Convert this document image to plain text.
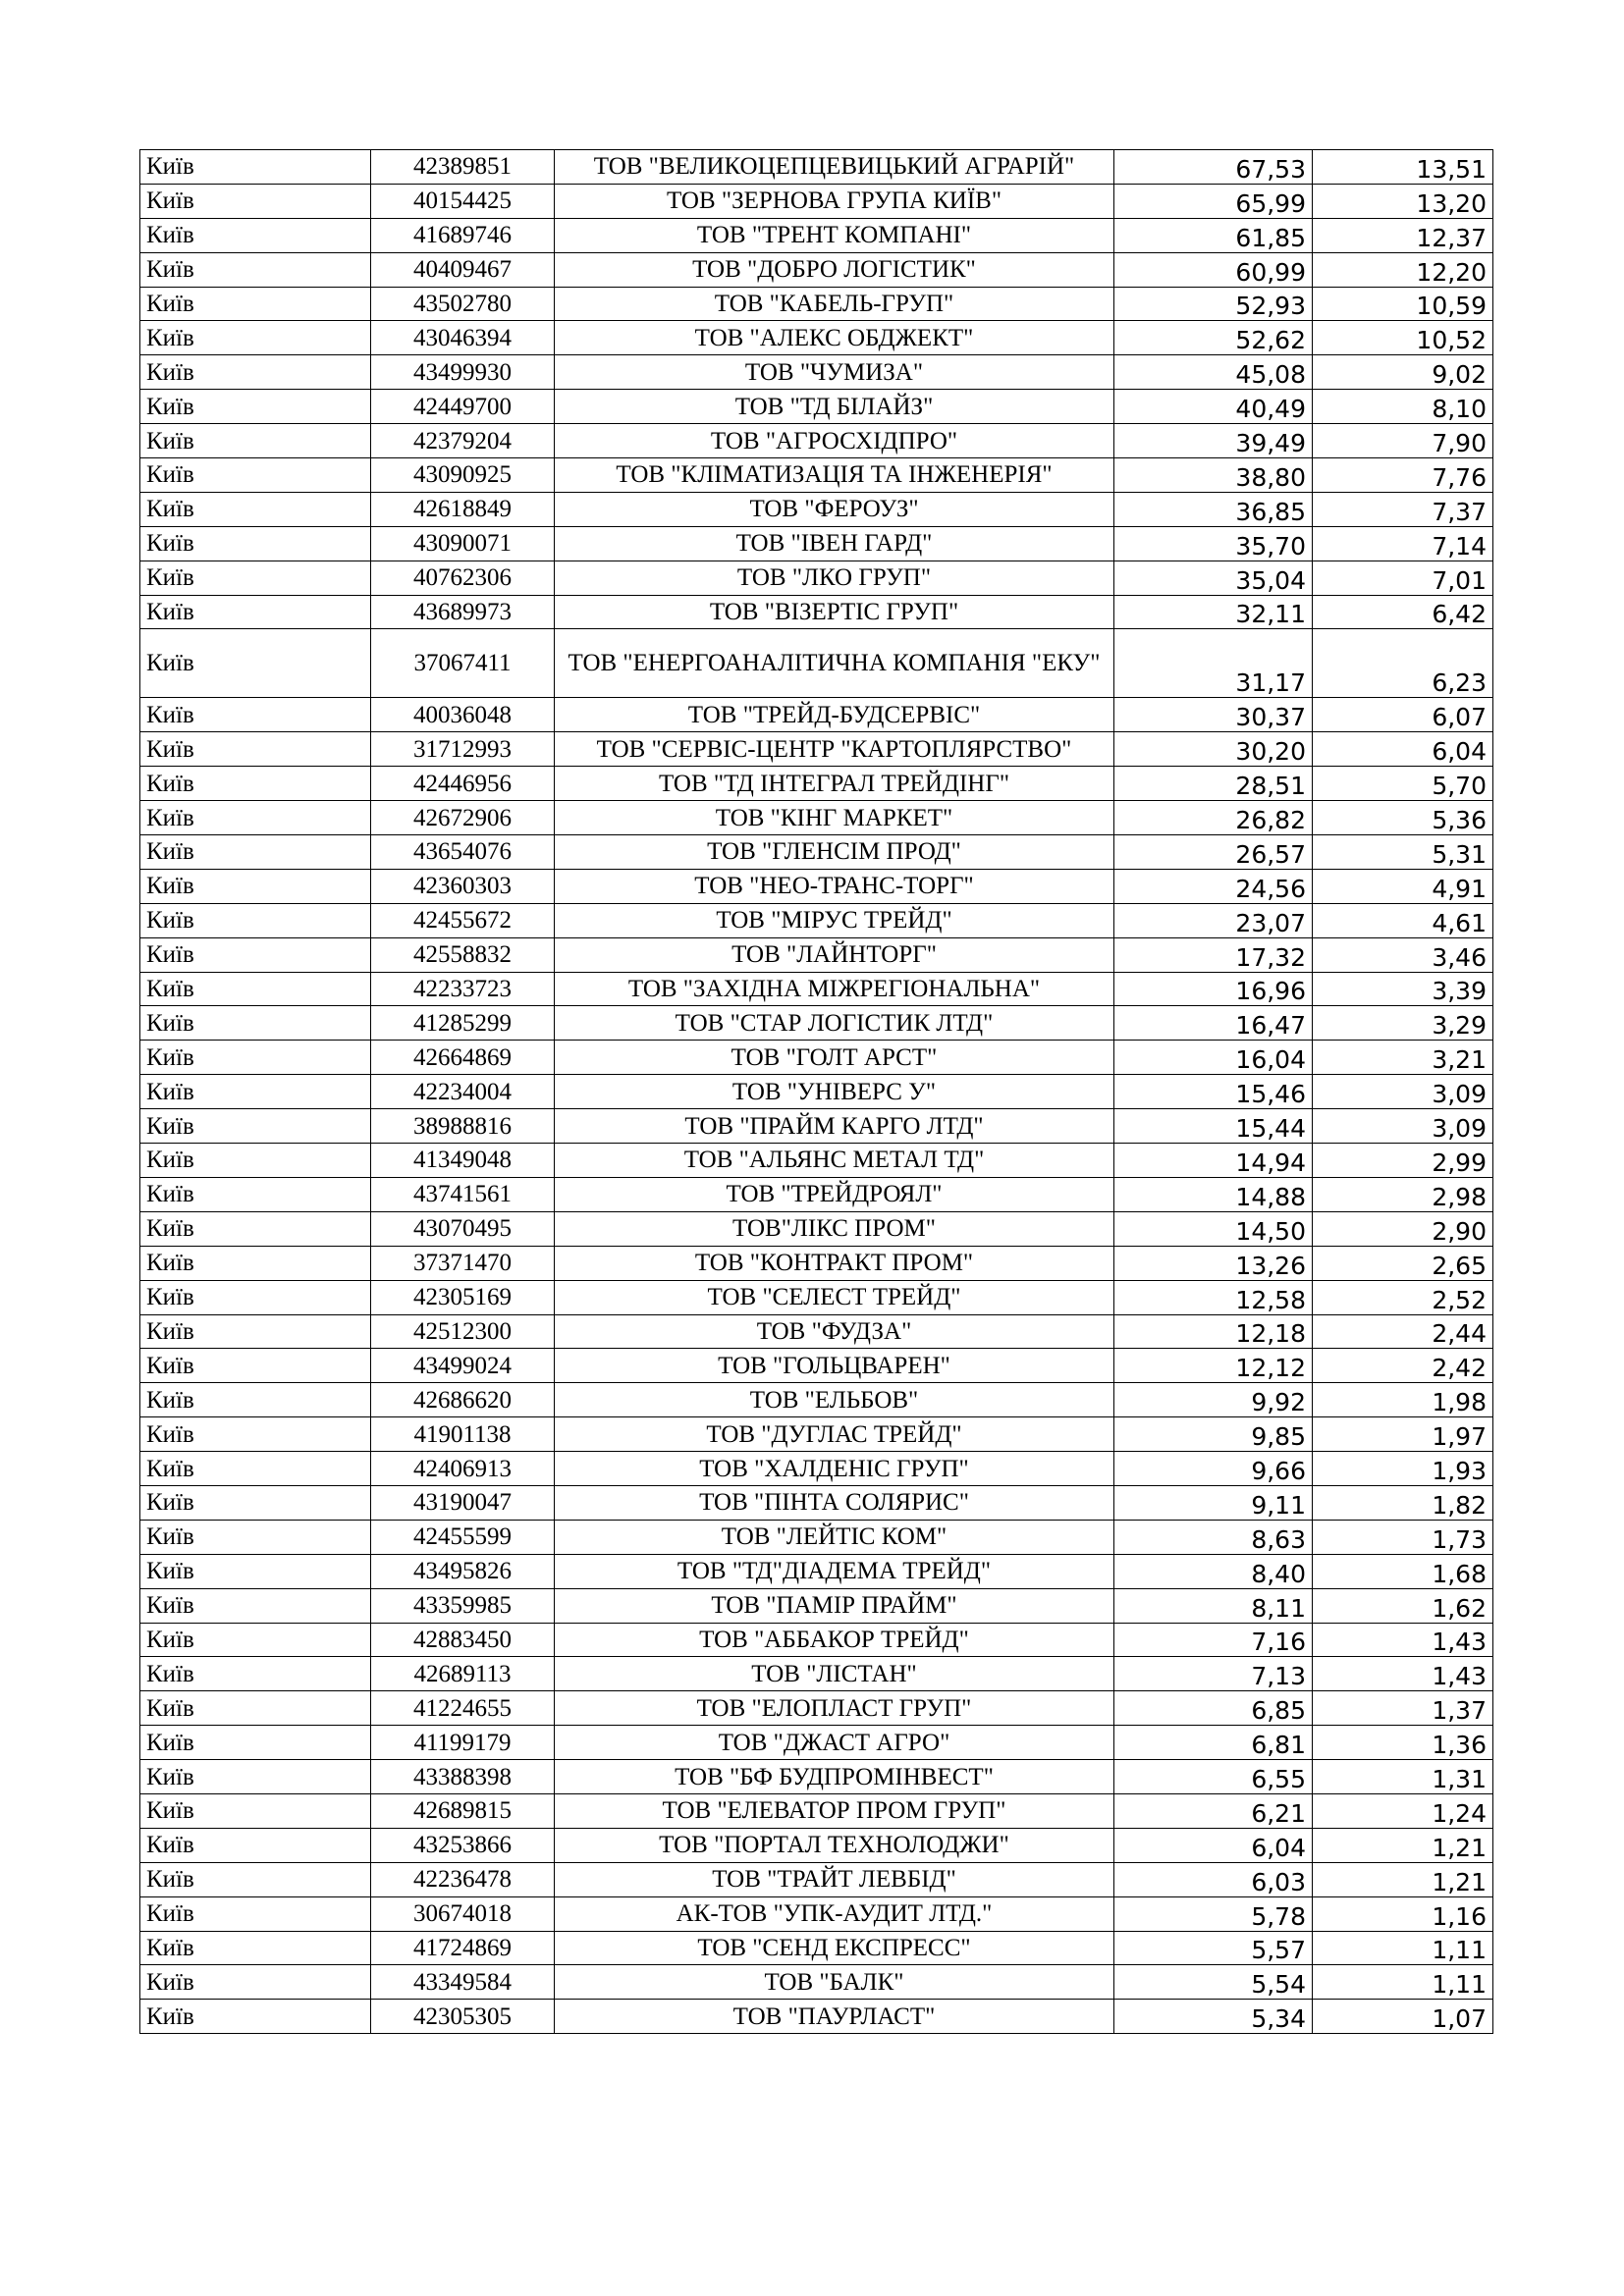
Київ	42389851	ТОВ "ВЕЛИКОЦЕПЦЕВИЦЬКИЙ АГРАРІЙ"	67,53	13,51
Київ	40154425	ТОВ "ЗЕРНОВА ГРУПА КИЇВ"	65,99	13,20
Київ	41689746	ТОВ "ТРЕНТ КОМПАНІ"	61,85	12,37
Київ	40409467	ТОВ "ДОБРО ЛОГІСТИК"	60,99	12,20
Київ	43502780	ТОВ "КАБЕЛЬ-ГРУП"	52,93	10,59
Київ	43046394	ТОВ "АЛЕКС ОБДЖЕКТ"	52,62	10,52
Київ	43499930	ТОВ "ЧУМИЗА"	45,08	9,02
Київ	42449700	ТОВ "ТД БІЛАЙЗ"	40,49	8,10
Київ	42379204	ТОВ "АГРОСХІДПРО"	39,49	7,90
Київ	43090925	ТОВ "КЛІМАТИЗАЦІЯ ТА ІНЖЕНЕРІЯ"	38,80	7,76
Київ	42618849	ТОВ "ФЕРОУЗ"	36,85	7,37
Київ	43090071	ТОВ "ІВЕН ГАРД"	35,70	7,14
Київ	40762306	ТОВ "ЛКО ГРУП"	35,04	7,01
Київ	43689973	ТОВ "ВІЗЕРТІС ГРУП"	32,11	6,42
Київ	37067411	ТОВ "ЕНЕРГОАНАЛІТИЧНА КОМПАНІЯ "ЕКУ"	31,17	6,23
Київ	40036048	ТОВ "ТРЕЙД-БУДСЕРВІС"	30,37	6,07
Київ	31712993	ТОВ "СЕРВІС-ЦЕНТР "КАРТОПЛЯРСТВО"	30,20	6,04
Київ	42446956	ТОВ "ТД ІНТЕГРАЛ ТРЕЙДІНГ"	28,51	5,70
Київ	42672906	ТОВ "КІНГ МАРКЕТ"	26,82	5,36
Київ	43654076	ТОВ "ГЛЕНСІМ ПРОД"	26,57	5,31
Київ	42360303	ТОВ "НЕО-ТРАНС-ТОРГ"	24,56	4,91
Київ	42455672	ТОВ "МІРУС ТРЕЙД"	23,07	4,61
Київ	42558832	ТОВ "ЛАЙНТОРГ"	17,32	3,46
Київ	42233723	ТОВ "ЗАХІДНА МІЖРЕГІОНАЛЬНА"	16,96	3,39
Київ	41285299	ТОВ "СТАР ЛОГІСТИК ЛТД"	16,47	3,29
Київ	42664869	ТОВ "ГОЛТ АРСТ"	16,04	3,21
Київ	42234004	ТОВ "УНІВЕРС У"	15,46	3,09
Київ	38988816	ТОВ "ПРАЙМ КАРГО ЛТД"	15,44	3,09
Київ	41349048	ТОВ "АЛЬЯНС МЕТАЛ ТД"	14,94	2,99
Київ	43741561	ТОВ "ТРЕЙДРОЯЛ"	14,88	2,98
Київ	43070495	ТОВ"ЛІКС ПРОМ"	14,50	2,90
Київ	37371470	ТОВ "КОНТРАКТ ПРОМ"	13,26	2,65
Київ	42305169	ТОВ "СЕЛЕСТ ТРЕЙД"	12,58	2,52
Київ	42512300	ТОВ "ФУДЗА"	12,18	2,44
Київ	43499024	ТОВ "ГОЛЬЦВАРЕН"	12,12	2,42
Київ	42686620	ТОВ "ЕЛЬБОВ"	9,92	1,98
Київ	41901138	ТОВ "ДУГЛАС ТРЕЙД"	9,85	1,97
Київ	42406913	ТОВ "ХАЛДЕНІС ГРУП"	9,66	1,93
Київ	43190047	ТОВ "ПІНТА СОЛЯРИС"	9,11	1,82
Київ	42455599	ТОВ "ЛЕЙТІС КОМ"	8,63	1,73
Київ	43495826	ТОВ "ТД"ДІАДЕМА ТРЕЙД"	8,40	1,68
Київ	43359985	ТОВ "ПАМІР ПРАЙМ"	8,11	1,62
Київ	42883450	ТОВ "АББАКОР ТРЕЙД"	7,16	1,43
Київ	42689113	ТОВ "ЛІСТАН"	7,13	1,43
Київ	41224655	ТОВ "ЕЛОПЛАСТ ГРУП"	6,85	1,37
Київ	41199179	ТОВ "ДЖАСТ АГРО"	6,81	1,36
Київ	43388398	ТОВ "БФ БУДПРОМІНВЕСТ"	6,55	1,31
Київ	42689815	ТОВ "ЕЛЕВАТОР ПРОМ ГРУП"	6,21	1,24
Київ	43253866	ТОВ "ПОРТАЛ ТЕХНОЛОДЖИ"	6,04	1,21
Київ	42236478	ТОВ "ТРАЙТ ЛЕВБІД"	6,03	1,21
Київ	30674018	АК-ТОВ "УПК-АУДИТ ЛТД."	5,78	1,16
Київ	41724869	ТОВ "СЕНД ЕКСПРЕСС"	5,57	1,11
Київ	43349584	ТОВ "БАЛК"	5,54	1,11
Київ	42305305	ТОВ "ПАУРЛАСТ"	5,34	1,07
